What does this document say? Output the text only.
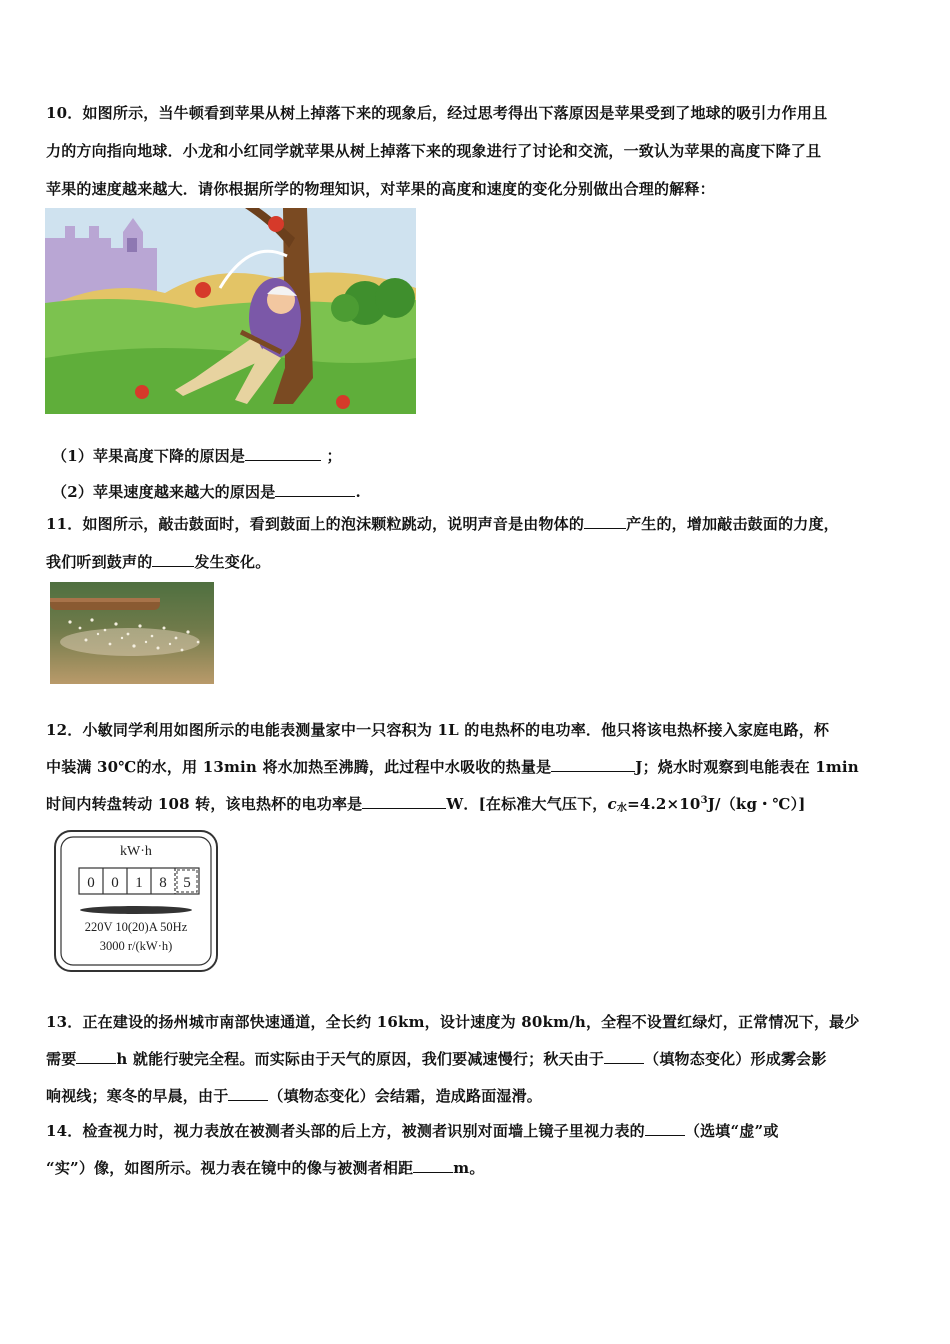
10．如图所示，当牛顿看到苹果从树上掉落下来的现象后，经过思考得出下落原因是苹果受到了地球的吸引力作用且
力的方向指向地球．小龙和小红同学就苹果从树上掉落下来的现象进行了讨论和交流，一致认为苹果的高度下降了且
苹果的速度越来越大．请你根据所学的物理知识，对苹果的高度和速度的变化分别做出合理的解释：
（1）苹果高度下降的原因是	；
（2）苹果速度越来越大的原因是	.
11．如图所示，敲击鼓面时，看到鼓面上的泡沫颗粒跳动，说明声音是由物体的	产生的，增加敲击鼓面的力度，
我们听到鼓声的	发生变化。
12．小敏同学利用如图所示的电能表测量家中一只容积为 1L 的电热杯的电功率．他只将该电热杯接入家庭电路，杯
中装满 30℃的水，用 13min 将水加热至沸腾，此过程中水吸收的热量是	J；烧水时观察到电能表在 1min
时间内转盘转动 108 转，该电热杯的电功率是	W．[在标准大气压下，$c_水=4.2\times 10^3J/(kg$・℃）]
kW·h
0 0 1 8 5
220V 10(20)A 50Hz
3000 r/(kW·h)
13．正在建设的扬州城市南部快速通道，全长约 16km，设计速度为 80km/h，全程不设置红绿灯，正常情况下，最少
需要	h 就能行驶完全程。而实际由于天气的原因，我们要减速慢行；秋天由于	（填物态变化）形成雾会影
响视线；寒冬的早晨，由于	（填物态变化）会结霜，造成路面湿滑。
14．检查视力时，视力表放在被测者头部的后上方，被测者识别对面墙上镜子里视力表的	（选填“虚”或
“实”）像，如图所示。视力表在镜中的像与被测者相距	m。
